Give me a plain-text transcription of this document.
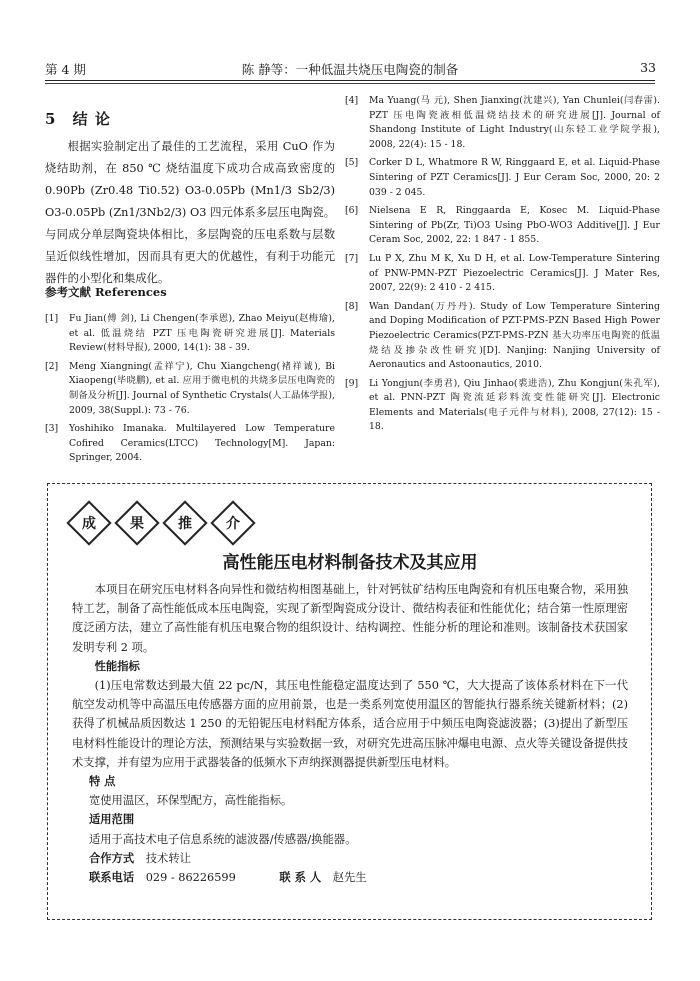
第 4 期	陈 静等：一种低温共烧压电陶瓷的制备	33
5 结 论

根据实验制定出了最佳的工艺流程，采用 CuO 作为烧结助剂，在 850 ℃ 烧结温度下成功合成高致密度的 0.90Pb (Zr0.48 Ti0.52) O3-0.05Pb (Mn1/3 Sb2/3) O3-0.05Pb (Zn1/3Nb2/3) O3 四元体系多层压电陶瓷。与同成分单层陶瓷块体相比，多层陶瓷的压电系数与层数呈近似线性增加，因而具有更大的优越性，有利于功能元器件的小型化和集成化。

参考文献 References
[1]	Fu Jian(傅 剑), Li Chengen(李承恩), Zhao Meiyu(赵梅瑜), et al. 低温烧结 PZT 压电陶瓷研究进展[J]. Materials Review(材料导报), 2000, 14(1): 38 - 39.
[2]	Meng Xiangning(孟祥宁), Chu Xiangcheng(褚祥诚), Bi Xiaopeng(毕晓鹏), et al. 应用于微电机的共烧多层压电陶瓷的制备及分析[J]. Journal of Synthetic Crystals(人工晶体学报), 2009, 38(Suppl.): 73 - 76.
[3]	Yoshihiko Imanaka. Multilayered Low Temperature Cofired Ceramics(LTCC) Technology[M]. Japan: Springer, 2004.
[4]	Ma Yuang(马 元), Shen Jianxing(沈建兴), Yan Chunlei(闫春雷). PZT 压电陶瓷液相低温烧结技术的研究进展[J]. Journal of Shandong Institute of Light Industry(山东轻工业学院学报), 2008, 22(4): 15 - 18.
[5]	Corker D L, Whatmore R W, Ringgaard E, et al. Liquid-Phase Sintering of PZT Ceramics[J]. J Eur Ceram Soc, 2000, 20: 2 039 - 2 045.
[6]	Nielsena E R, Ringgaarda E, Kosec M. Liquid-Phase Sintering of Pb(Zr, Ti)O3 Using PbO-WO3 Additive[J]. J Eur Ceram Soc, 2002, 22: 1 847 - 1 855.
[7]	Lu P X, Zhu M K, Xu D H, et al. Low-Temperature Sintering of PNW-PMN-PZT Piezoelectric Ceramics[J]. J Mater Res, 2007, 22(9): 2 410 - 2 415.
[8]	Wan Dandan(万丹丹). Study of Low Temperature Sintering and Doping Modification of PZT-PMS-PZN Based High Power Piezoelectric Ceramics(PZT-PMS-PZN 基大功率压电陶瓷的低温烧结及掺杂改性研究)[D]. Nanjing: Nanjing University of Aeronautics and Astoonautics, 2010.
[9]	Li Yongjun(李勇君), Qiu Jinhao(裘进浩), Zhu Kongjun(朱孔军), et al. PNN-PZT 陶瓷流延彩料流变性能研究[J]. Electronic Elements and Materials(电子元件与材料), 2008, 27(12): 15 - 18.
成 果 推 介
高性能压电材料制备技术及其应用

本项目在研究压电材料各向异性和微结构相图基础上，针对钙钛矿结构压电陶瓷和有机压电聚合物，采用独特工艺，制备了高性能低成本压电陶瓷，实现了新型陶瓷成分设计、微结构表征和性能优化；结合第一性原理密度泛函方法，建立了高性能有机压电聚合物的组织设计、结构调控、性能分析的理论和准则。该制备技术获国家发明专利 2 项。

性能指标

(1)压电常数达到最大值 22 pc/N，其压电性能稳定温度达到了 550 ℃，大大提高了该体系材料在下一代航空发动机等中高温压电传感器方面的应用前景，也是一类系列宽使用温区的智能执行器系统关键新材料；(2)获得了机械品质因数达 1 250 的无铅铌压电材料配方体系，适合应用于中频压电陶瓷滤波器；(3)提出了新型压电材料性能设计的理论方法，预测结果与实验数据一致，对研究先进高压脉冲爆电电源、点火等关键设备提供技术支撑，并有望为应用于武器装备的低频水下声纳探测器提供新型压电材料。

特 点
宽使用温区，环保型配方，高性能指标。
适用范围
适用于高技术电子信息系统的滤波器/传感器/换能器。
合作方式 技术转让
联系电话 029 - 86226599	联 系 人 赵先生
